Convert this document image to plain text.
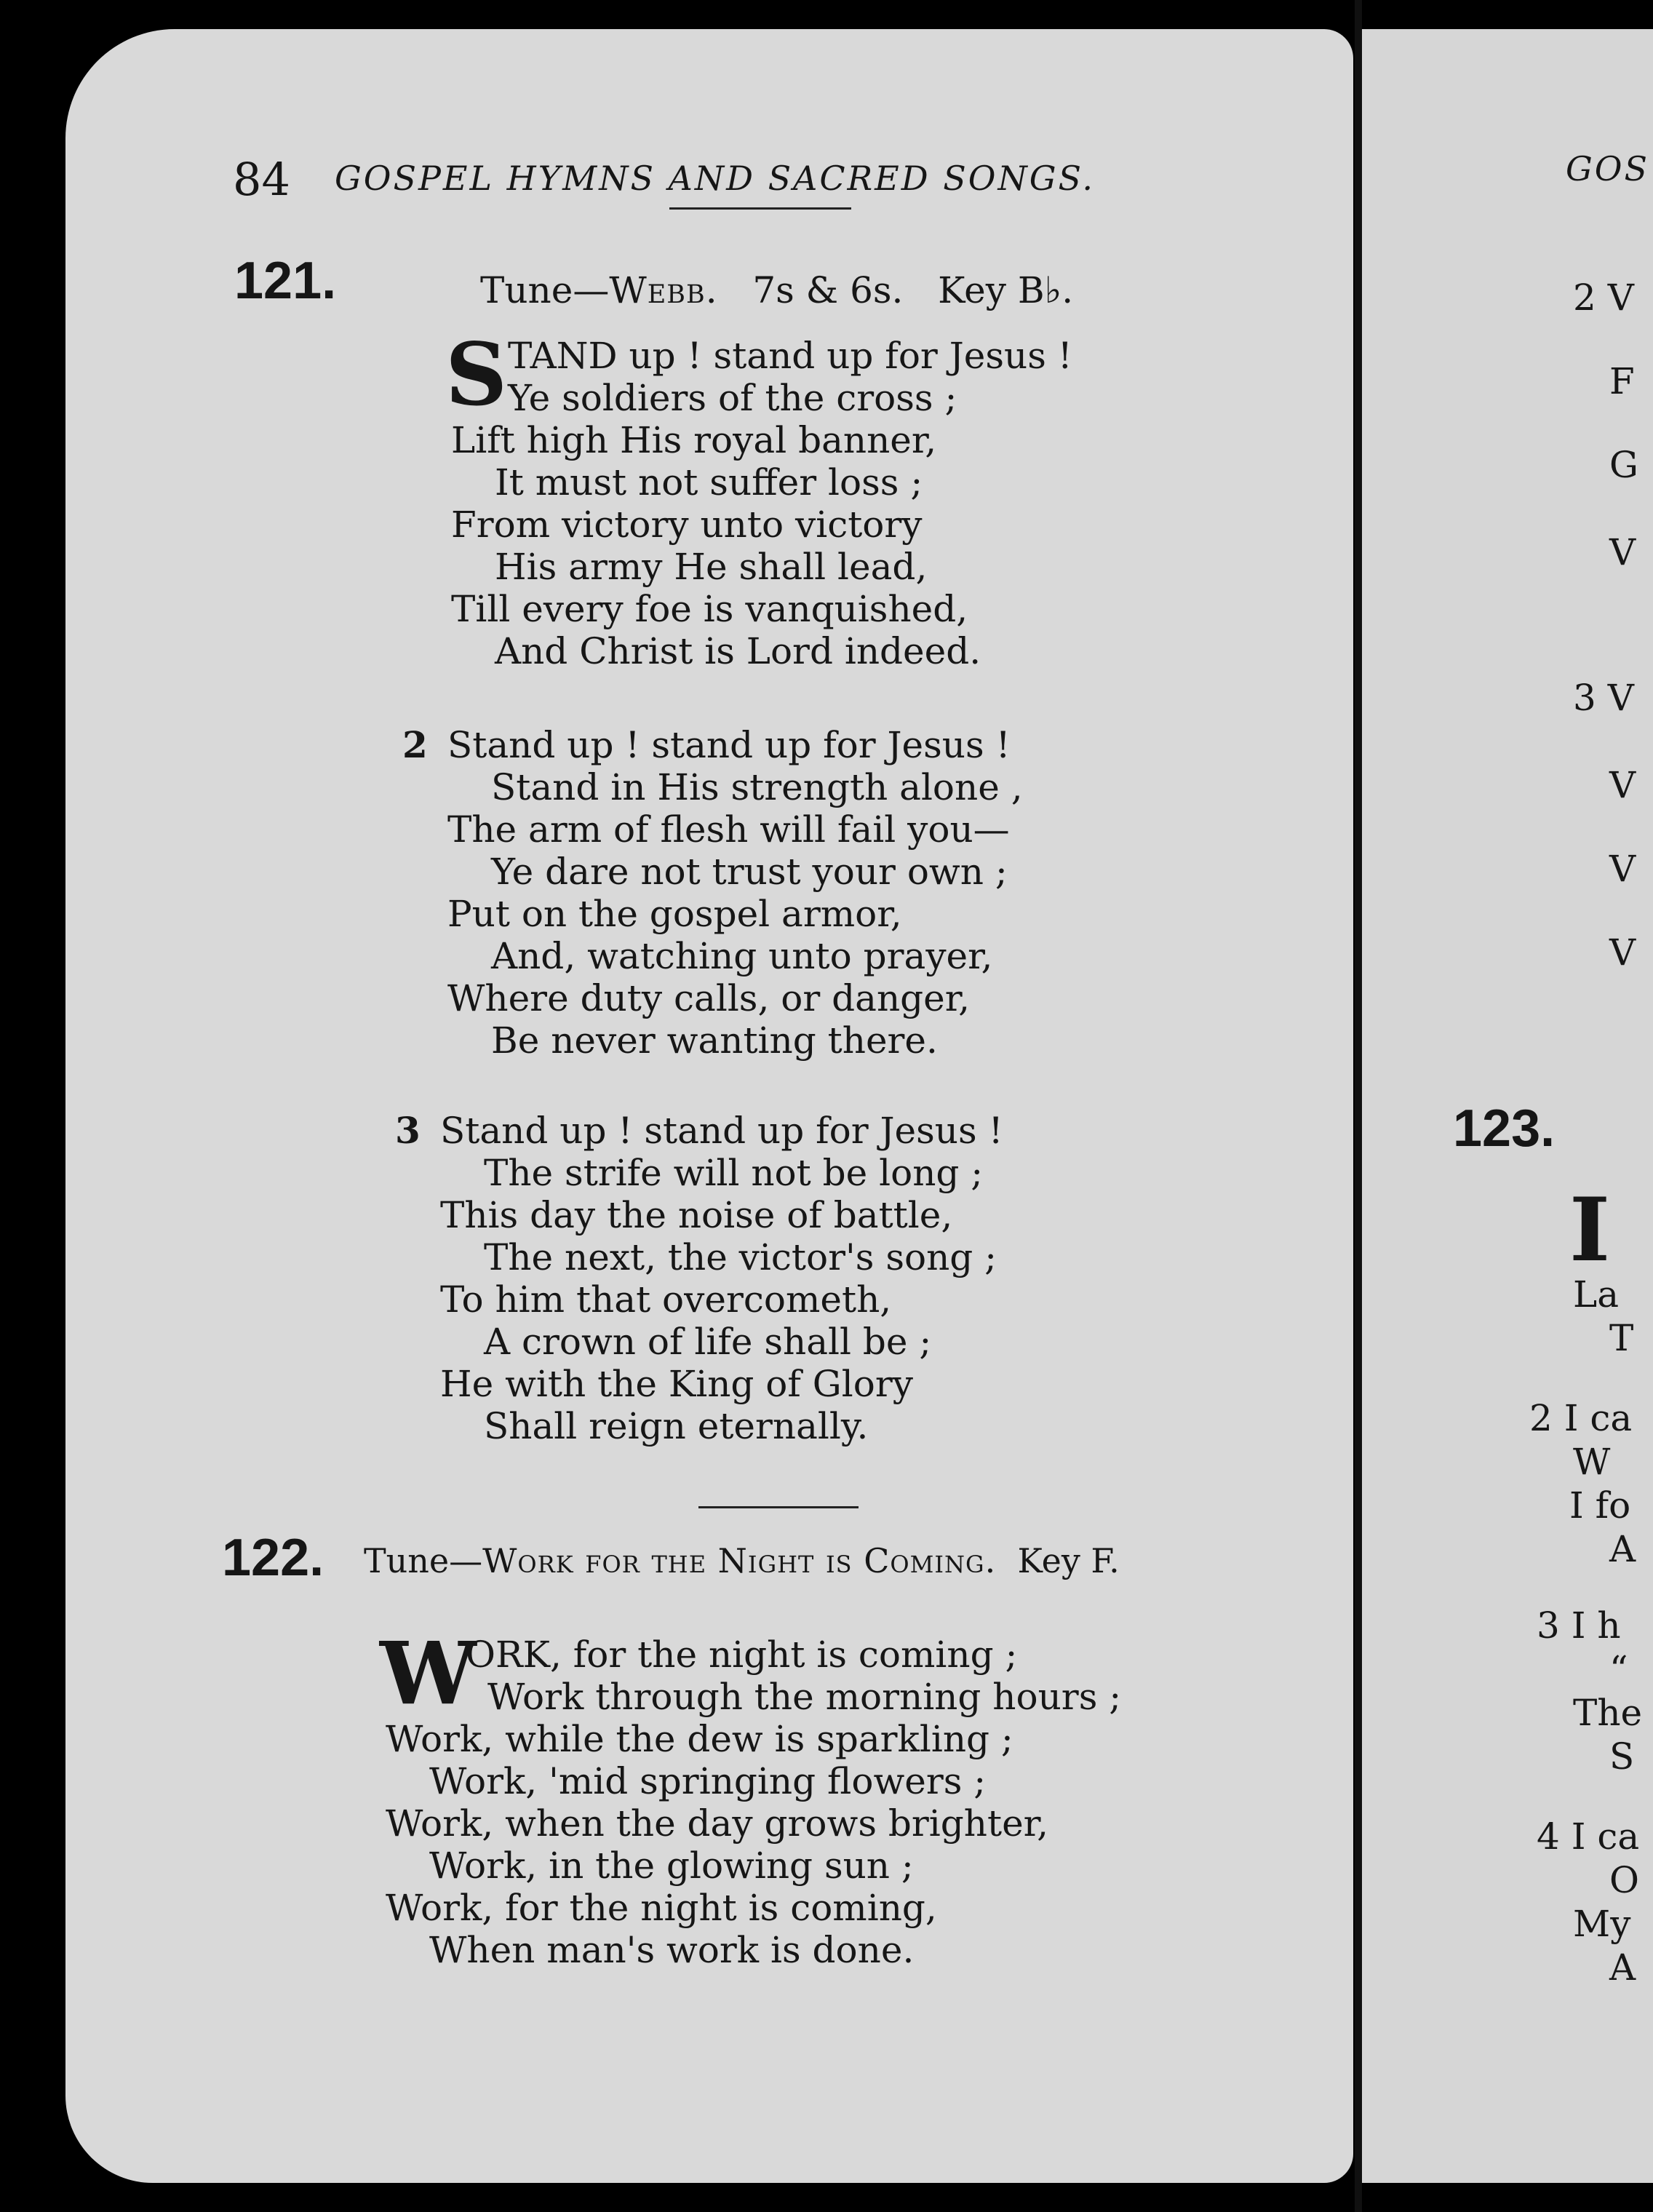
84 GOSPEL HYMNS AND SACRED SONGS.
121.	Tune—Webb. 7s & 6s. Key B♭.
S TAND up ! stand up for Jesus !
Ye soldiers of the cross ;
Lift high His royal banner,
It must not suffer loss ;
From victory unto victory
His army He shall lead,
Till every foe is vanquished,
And Christ is Lord indeed.
2 Stand up ! stand up for Jesus !
Stand in His strength alone ,
The arm of flesh will fail you—
Ye dare not trust your own ;
Put on the gospel armor,
And, watching unto prayer,
Where duty calls, or danger,
Be never wanting there.
3 Stand up ! stand up for Jesus !
The strife will not be long ;
This day the noise of battle,
The next, the victor's song ;
To him that overcometh,
A crown of life shall be ;
He with the King of Glory
Shall reign eternally.
122. Tune—Work for the Night is Coming. Key F.
W
ORK, for the night is coming ;
Work through the morning hours ;
Work, while the dew is sparkling ;
Work, 'mid springing flowers ;
Work, when the day grows brighter,
Work, in the glowing sun ;
Work, for the night is coming,
When man's work is done.
GOS
2 V
F
G
V
3 V
V
V
V
123.
I
La
T
2 I ca
W
I fo
A
3 I h
“
The
S
4 I ca
O
My
A
